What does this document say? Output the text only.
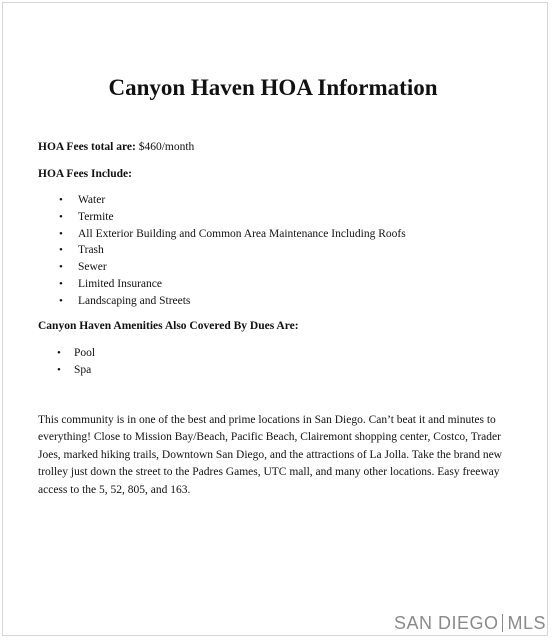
Canyon Haven HOA Information

HOA Fees total are: $460/month

HOA Fees Include:

• Water
• Termite
• All Exterior Building and Common Area Maintenance Including Roofs
• Trash
• Sewer
• Limited Insurance
• Landscaping and Streets

Canyon Haven Amenities Also Covered By Dues Are:

• Pool
• Spa

This community is in one of the best and prime locations in San Diego. Can’t beat it and minutes to everything! Close to Mission Bay/Beach, Pacific Beach, Clairemont shopping center, Costco, Trader Joes, marked hiking trails, Downtown San Diego, and the attractions of La Jolla. Take the brand new trolley just down the street to the Padres Games, UTC mall, and many other locations. Easy freeway access to the 5, 52, 805, and 163.

SAN DIEGO MLS
